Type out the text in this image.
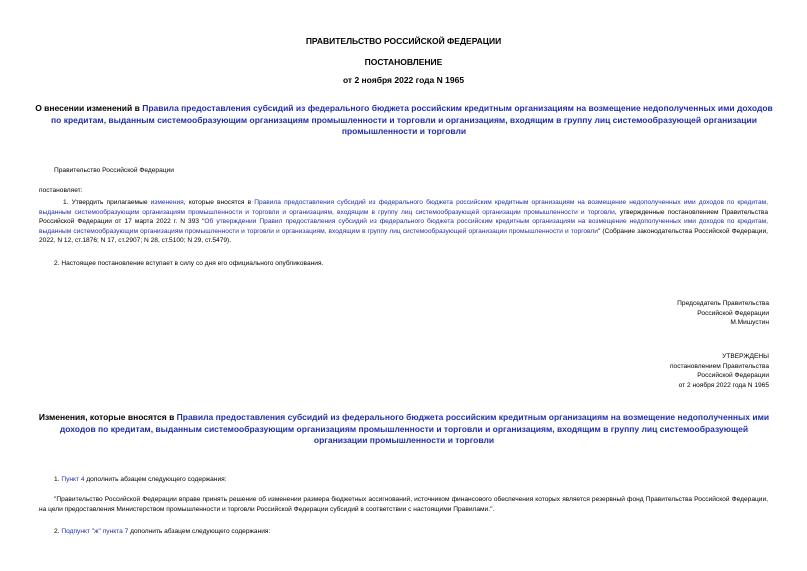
ПРАВИТЕЛЬСТВО РОССИЙСКОЙ ФЕДЕРАЦИИ
ПОСТАНОВЛЕНИЕ
от 2 ноября 2022 года N 1965
О внесении изменений в Правила предоставления субсидий из федерального бюджета российским кредитным организациям на возмещение недополученных ими доходов по кредитам, выданным системообразующим организациям промышленности и торговли и организациям, входящим в группу лиц системообразующей организации промышленности и торговли
Правительство Российской Федерации
постановляет:
1. Утвердить прилагаемые изменения, которые вносятся в Правила предоставления субсидий из федерального бюджета российским кредитным организациям на возмещение недополученных ими доходов по кредитам, выданным системообразующим организациям промышленности и торговли и организациям, входящим в группу лиц системообразующей организации промышленности и торговли, утвержденные постановлением Правительства Российской Федерации от 17 марта 2022 г. N 393 "Об утверждении Правил предоставления субсидий из федерального бюджета российским кредитным организациям на возмещение недополученных ими доходов по кредитам, выданным системообразующим организациям промышленности и торговли и организациям, входящим в группу лиц системообразующей организации промышленности и торговли" (Собрание законодательства Российской Федерации, 2022, N 12, ст.1876; N 17, ст.2907; N 28, ст.5100; N 29, ст.5479).
2. Настоящее постановление вступает в силу со дня его официального опубликования.
Председатель Правительства
Российской Федерации
М.Мишустин
УТВЕРЖДЕНЫ
постановлением Правительства
Российской Федерации
от 2 ноября 2022 года N 1965
Изменения, которые вносятся в Правила предоставления субсидий из федерального бюджета российским кредитным организациям на возмещение недополученных ими доходов по кредитам, выданным системообразующим организациям промышленности и торговли и организациям, входящим в группу лиц системообразующей организации промышленности и торговли
1. Пункт 4 дополнить абзацем следующего содержания:
"Правительство Российской Федерации вправе принять решение об изменении размера бюджетных ассигнований, источником финансового обеспечения которых является резервный фонд Правительства Российской Федерации, на цели предоставления Министерством промышленности и торговли Российской Федерации субсидий в соответствии с настоящими Правилами.".
2. Подпункт "ж" пункта 7 дополнить абзацем следующего содержания:
